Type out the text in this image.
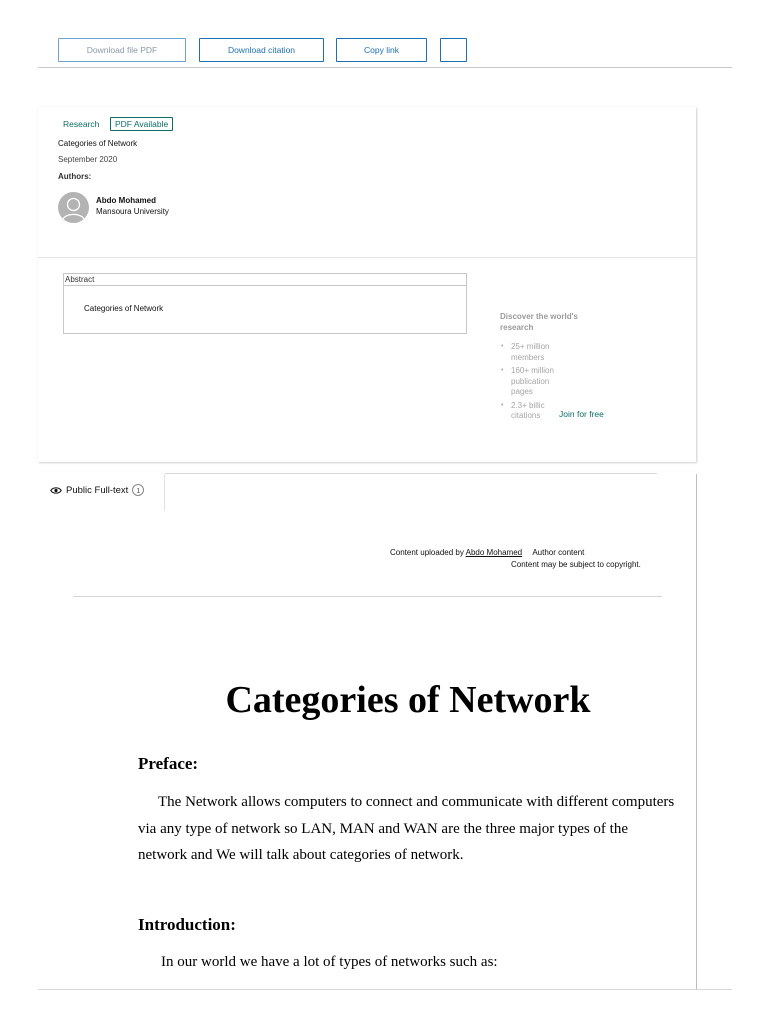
Download file PDF	Download citation	Copy link
Research	PDF Available
Categories of Network
September 2020
Authors:
Abdo Mohamed
Mansoura University
Abstract
Categories of Network
Discover the world's research
• 25+ million members
• 160+ million publication pages
• 2.3+ billic citations	Join for free
Public Full-text	1
Content uploaded by Abdo Mohamed Author content
Content may be subject to copyright.
Categories of Network
Preface:
The Network allows computers to connect and communicate with different computers via any type of network so LAN, MAN and WAN are the three major types of the network and We will talk about categories of network.
Introduction:
In our world we have a lot of types of networks such as:
